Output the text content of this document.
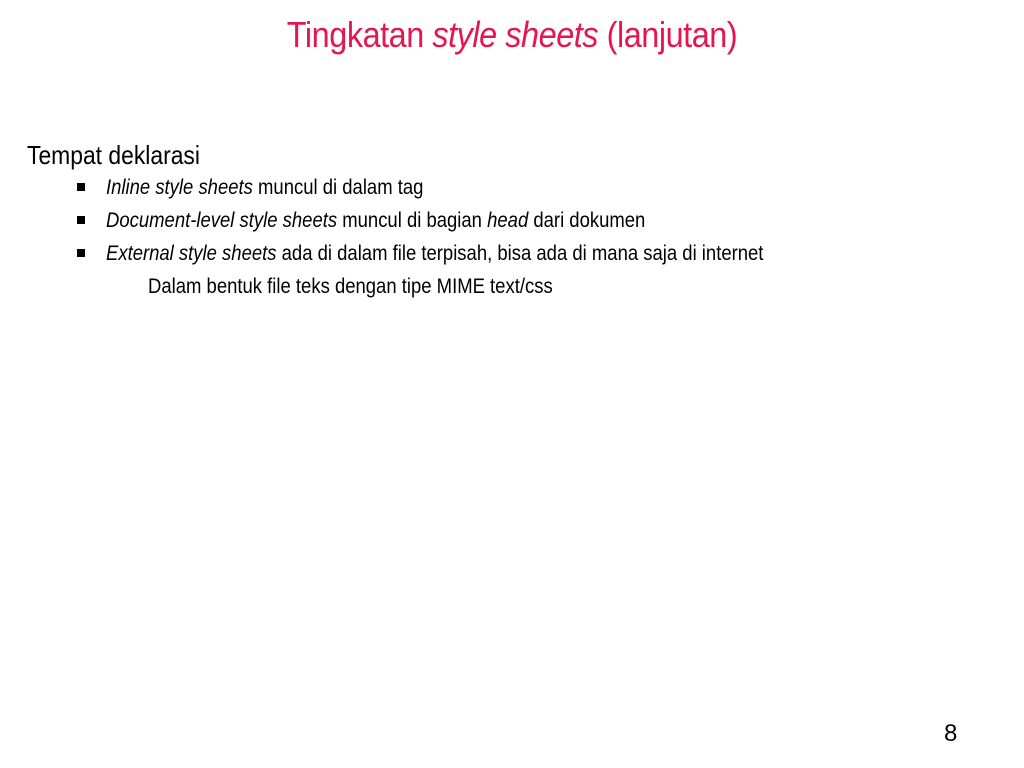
Tingkatan style sheets (lanjutan)

Tempat deklarasi

Inline style sheets muncul di dalam tag
Document-level style sheets muncul di bagian head dari dokumen
External style sheets ada di dalam file terpisah, bisa ada di mana saja di internet
Dalam bentuk file teks dengan tipe MIME text/css
8
